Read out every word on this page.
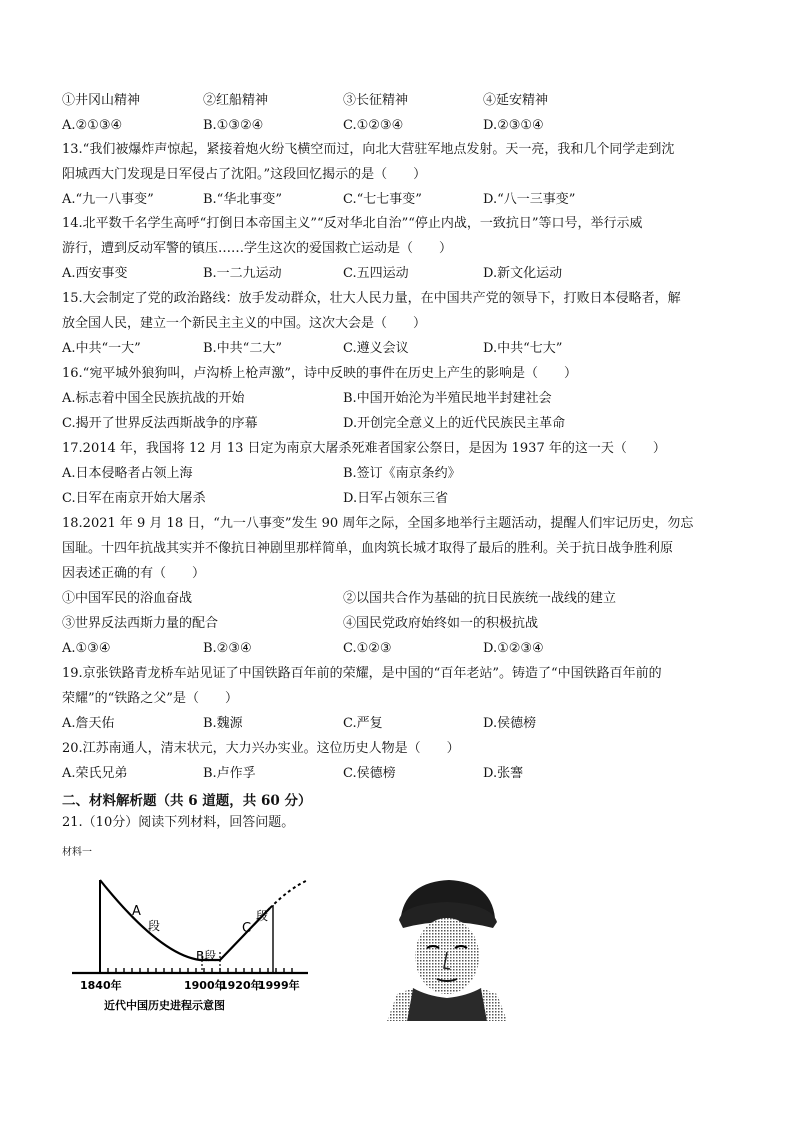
①井冈山精神	②红船精神	③长征精神	④延安精神
A.②①③④	B.①③②④	C.①②③④	D.②③①④
13.“我们被爆炸声惊起，紧接着炮火纷飞横空而过，向北大营驻军地点发射。天一亮，我和几个同学走到沈
阳城西大门发现是日军侵占了沈阳。”这段回忆揭示的是（　　）
A.“九一八事变”	B.“华北事变”	C.“七七事变”	D.“八一三事变”
14.北平数千名学生高呼“打倒日本帝国主义”“反对华北自治”“停止内战，一致抗日”等口号，举行示威
游行，遭到反动军警的镇压……学生这次的爱国救亡运动是（　　）
A.西安事变	B.一二九运动	C.五四运动	D.新文化运动
15.大会制定了党的政治路线：放手发动群众，壮大人民力量，在中国共产党的领导下，打败日本侵略者，解
放全国人民，建立一个新民主主义的中国。这次大会是（　　）
A.中共“一大”	B.中共“二大”	C.遵义会议	D.中共“七大”
16.“宛平城外狼狗叫，卢沟桥上枪声激”，诗中反映的事件在历史上产生的影响是（　　）
A.标志着中国全民族抗战的开始	B.中国开始沦为半殖民地半封建社会
C.揭开了世界反法西斯战争的序幕	D.开创完全意义上的近代民族民主革命
17.2014 年，我国将 12 月 13 日定为南京大屠杀死难者国家公祭日，是因为 1937 年的这一天（　　）
A.日本侵略者占领上海	B.签订《南京条约》
C.日军在南京开始大屠杀	D.日军占领东三省
18.2021 年 9 月 18 日，“九一八事变”发生 90 周年之际，全国多地举行主题活动，提醒人们牢记历史，勿忘
国耻。十四年抗战其实并不像抗日神剧里那样简单，血肉筑长城才取得了最后的胜利。关于抗日战争胜利原
因表述正确的有（　　）
①中国军民的浴血奋战	②以国共合作为基础的抗日民族统一战线的建立
③世界反法西斯力量的配合	④国民党政府始终如一的积极抗战
A.①③④	B.②③④	C.①②③	D.①②③④
19.京张铁路青龙桥车站见证了中国铁路百年前的荣耀，是中国的“百年老站”。铸造了“中国铁路百年前的
荣耀”的“铁路之父”是（　　）
A.詹天佑	B.魏源	C.严复	D.侯德榜
20.江苏南通人，清末状元，大力兴办实业。这位历史人物是（　　）
A.荣氏兄弟	B.卢作孚	C.侯德榜	D.张謇
二、材料解析题（共 6 道题，共 60 分）
21.（10分）阅读下列材料，回答问题。
材料一
A
段
B段
C
段
1840年	1900年
1920年
1999年
近代中国历史进程示意图
